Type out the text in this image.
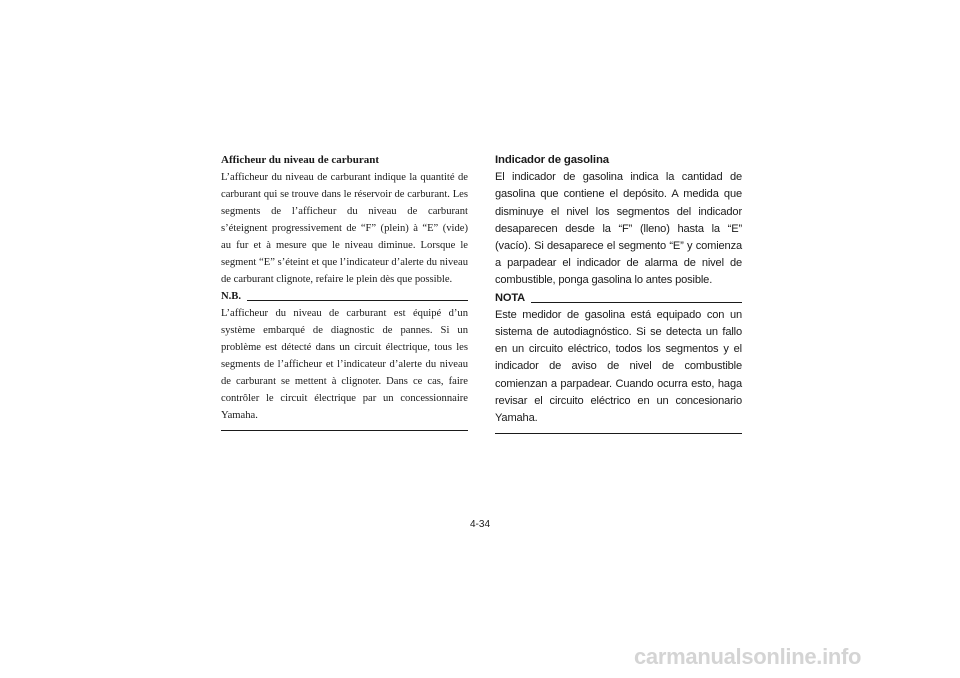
Afficheur du niveau de carburant

L’afficheur du niveau de carburant indique la quantité de carburant qui se trouve dans le réservoir de carburant. Les segments de l’afficheur du niveau de carburant s’éteignent progressivement de “F” (plein) à “E” (vide) au fur et à mesure que le niveau diminue. Lorsque le segment “E” s’éteint et que l’indicateur d’alerte du niveau de carburant clignote, refaire le plein dès que possible.

N.B.

L’afficheur du niveau de carburant est équipé d’un système embarqué de diagnostic de pannes. Si un problème est détecté dans un circuit électrique, tous les segments de l’afficheur et l’indicateur d’alerte du niveau de carburant se mettent à clignoter. Dans ce cas, faire contrôler le circuit électrique par un concessionnaire Yamaha.

Indicador de gasolina

El indicador de gasolina indica la cantidad de gasolina que contiene el depósito. A medida que disminuye el nivel los segmentos del indicador desaparecen desde la “F” (lleno) hasta la “E” (vacío). Si desaparece el segmento “E” y comienza a parpadear el indicador de alarma de nivel de combustible, ponga gasolina lo antes posible.

NOTA

Este medidor de gasolina está equipado con un sistema de autodiagnóstico. Si se detecta un fallo en un circuito eléctrico, todos los segmentos y el indicador de aviso de nivel de combustible comienzan a parpadear. Cuando ocurra esto, haga revisar el circuito eléctrico en un concesionario Yamaha.

4-34
carmanualsonline.info
